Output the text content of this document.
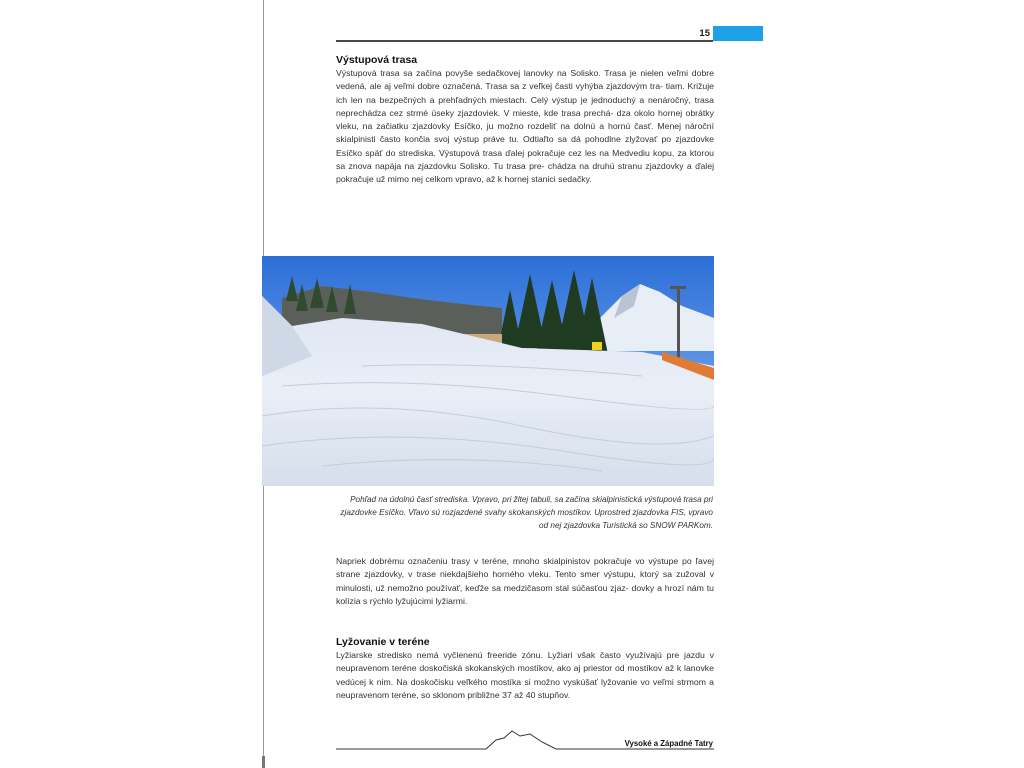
15
Výstupová trasa

Výstupová trasa sa začína povyše sedačkovej lanovky na Solisko. Trasa je nielen veľmi dobre vedená, ale aj veľmi dobre označená. Trasa sa z veľkej časti vyhýba zjazdovým tra- tiam. Križuje ich len na bezpečných a prehľadných miestach. Celý výstup je jednoduchý a nenáročný, trasa neprechádza cez strmé úseky zjazdoviek. V mieste, kde trasa prechá- dza okolo hornej obrátky vleku, na začiatku zjazdovky Esíčko, ju možno rozdeliť na dolnú a hornú časť. Menej nároční skialpinisti často končia svoj výstup práve tu. Odtiaľto sa dá pohodlne zlyžovať po zjazdovke Esíčko späť do strediska. Výstupová trasa ďalej pokračuje cez les na Medvediu kopu, za ktorou sa znova napája na zjazdovku Solisko. Tu trasa pre- chádza na druhú stranu zjazdovky a ďalej pokračuje už mimo nej celkom vpravo, až k hornej stanici sedačky.

Pohľad na údolnú časť strediska. Vpravo, pri žltej tabuli, sa začína skialpinistická výstupová trasa pri zjazdovke Esíčko. Vľavo sú rozjazdené svahy skokanských mostíkov. Uprostred zjazdovka FIS, vpravo od nej zjazdovka Turistická so SNOW PARKom.

Napriek dobrému označeniu trasy v teréne, mnoho skialpinistov pokračuje vo výstupe po ľavej strane zjazdovky, v trase niekdajšieho horného vleku. Tento smer výstupu, ktorý sa zužoval v minulosti, už nemožno používať, keďže sa medzičasom stal súčasťou zjaz- dovky a hrozí nám tu kolízia s rýchlo lyžujúcimi lyžiarmi.

Lyžovanie v teréne

Lyžiarske stredisko nemá vyčlenenú freeride zónu. Lyžiari však často využívajú pre jazdu v neupravenom teréne doskočiská skokanských mostíkov, ako aj priestor od mostíkov až k lanovke vedúcej k nim. Na doskočisku veľkého mostíka si možno vyskúšať lyžovanie vo veľmi strmom a neupravenom teréne, so sklonom približne 37 až 40 stupňov.

Vysoké a Západné Tatry
